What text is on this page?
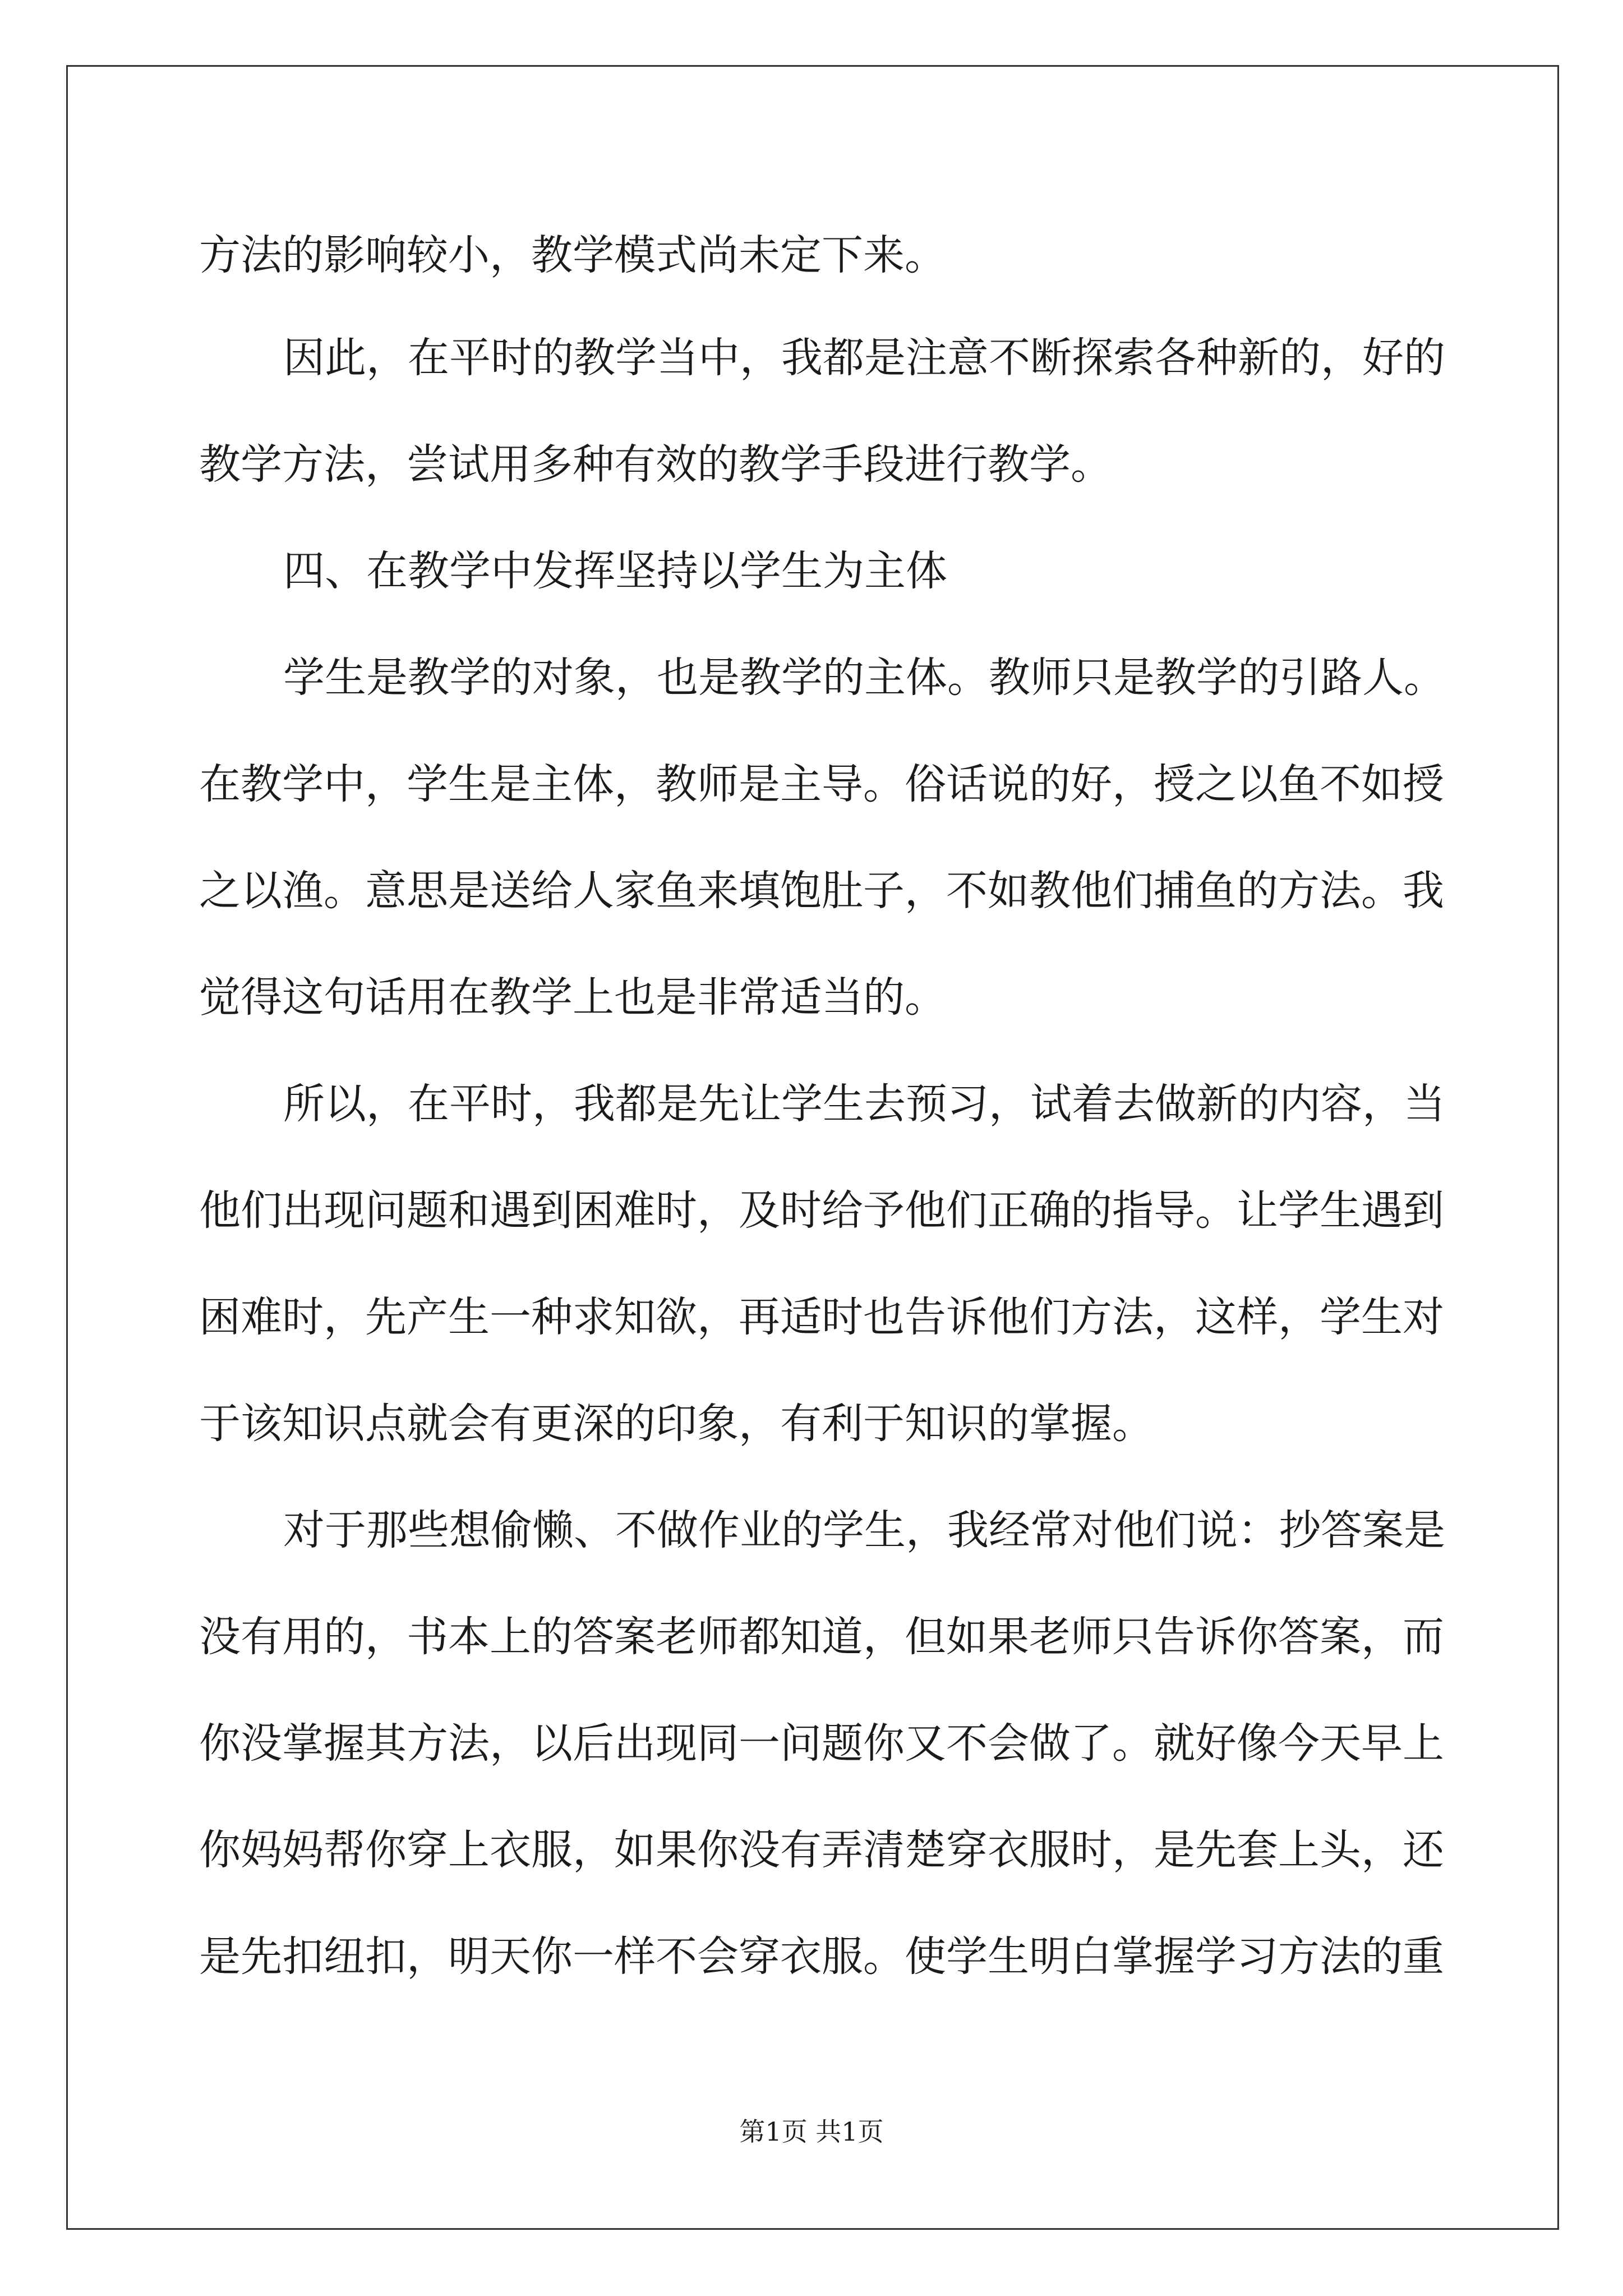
方法的影响较小，教学模式尚未定下来。
因此，在平时的教学当中，我都是注意不断探索各种新的，好的
教学方法，尝试用多种有效的教学手段进行教学。
四、在教学中发挥坚持以学生为主体
学生是教学的对象，也是教学的主体。教师只是教学的引路人。
在教学中，学生是主体，教师是主导。俗话说的好，授之以鱼不如授
之以渔。意思是送给人家鱼来填饱肚子，不如教他们捕鱼的方法。我
觉得这句话用在教学上也是非常适当的。
所以，在平时，我都是先让学生去预习，试着去做新的内容，当
他们出现问题和遇到困难时，及时给予他们正确的指导。让学生遇到
困难时，先产生一种求知欲，再适时也告诉他们方法，这样，学生对
于该知识点就会有更深的印象，有利于知识的掌握。
对于那些想偷懒、不做作业的学生，我经常对他们说：抄答案是
没有用的，书本上的答案老师都知道，但如果老师只告诉你答案，而
你没掌握其方法，以后出现同一问题你又不会做了。就好像今天早上
你妈妈帮你穿上衣服，如果你没有弄清楚穿衣服时，是先套上头，还
是先扣纽扣，明天你一样不会穿衣服。使学生明白掌握学习方法的重
第1页 共1页
